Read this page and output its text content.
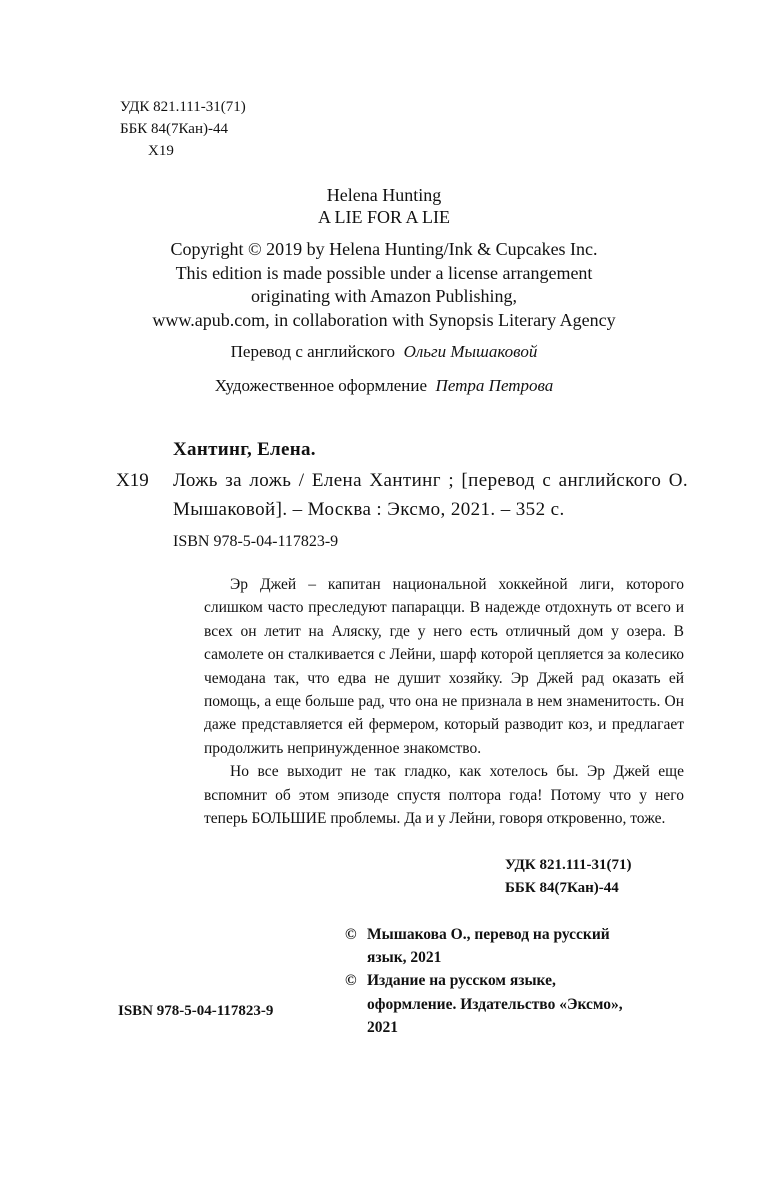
УДК 821.111-31(71)
ББК 84(7Кан)-44
Х19
Helena Hunting
A LIE FOR A LIE
Copyright © 2019 by Helena Hunting/Ink & Cupcakes Inc.
This edition is made possible under a license arrangement
originating with Amazon Publishing,
www.apub.com, in collaboration with Synopsis Literary Agency
Перевод с английского Ольги Мышаковой
Художественное оформление Петра Петрова
Хантинг, Елена.
Х19	Ложь за ложь / Елена Хантинг ; [перевод с английского О. Мышаковой]. – Москва : Эксмо, 2021. – 352 с.
ISBN 978-5-04-117823-9

Эр Джей – капитан национальной хоккейной лиги, которого слишком часто преследуют папарацци. В надежде отдохнуть от всего и всех он летит на Аляску, где у него есть отличный дом у озера. В самолете он сталкивается с Лейни, шарф которой цепляется за колесико чемодана так, что едва не душит хозяйку. Эр Джей рад оказать ей помощь, а еще больше рад, что она не признала в нем знаменитость. Он даже представляется ей фермером, который разводит коз, и предлагает продолжить непринужденное знакомство.

Но все выходит не так гладко, как хотелось бы. Эр Джей еще вспомнит об этом эпизоде спустя полтора года! Потому что у него теперь БОЛЬШИЕ проблемы. Да и у Лейни, говоря откровенно, тоже.

УДК 821.111-31(71)
ББК 84(7Кан)-44
© Мышакова О., перевод на русский
язык, 2021
© Издание на русском языке,
оформление. Издательство «Эксмо»,
2021
ISBN 978-5-04-117823-9
